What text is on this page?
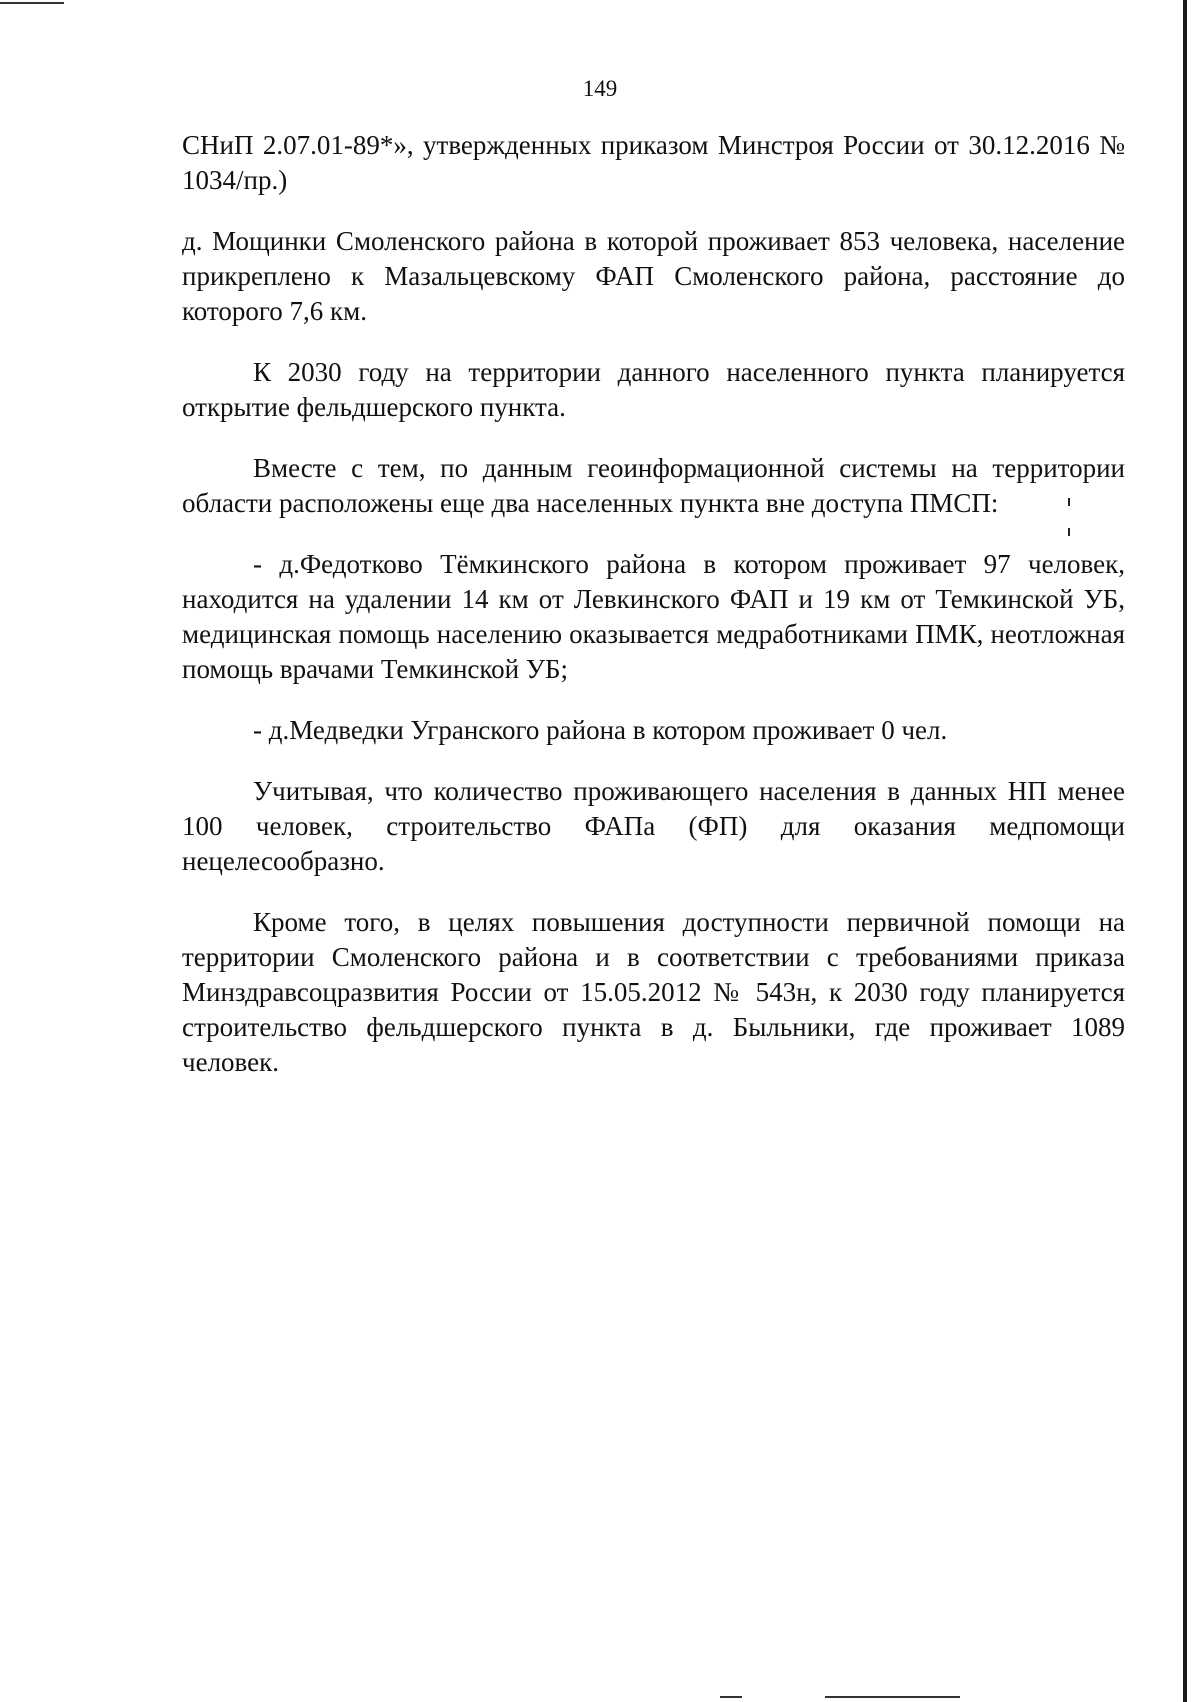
149

СНиП 2.07.01-89*», утвержденных приказом Минстроя России от 30.12.2016 № 1034/пр.)

д. Мощинки Смоленского района в которой проживает 853 человека, население прикреплено к Мазальцевскому ФАП Смоленского района, расстояние до которого 7,6 км.

К 2030 году на территории данного населенного пункта планируется открытие фельдшерского пункта.

Вместе с тем, по данным геоинформационной системы на территории области расположены еще два населенных пункта вне доступа ПМСП:

- д.Федотково Тёмкинского района в котором проживает 97 человек, находится на удалении 14 км от Левкинского ФАП и 19 км от Темкинской УБ, медицинская помощь населению оказывается медработниками ПМК, неотложная помощь врачами Темкинской УБ;

- д.Медведки Угранского района в котором проживает 0 чел.

Учитывая, что количество проживающего населения в данных НП менее 100 человек, строительство ФАПа (ФП) для оказания медпомощи нецелесообразно.

Кроме того, в целях повышения доступности первичной помощи на территории Смоленского района и в соответствии с требованиями приказа Минздравсоцразвития России от 15.05.2012 № 543н, к 2030 году планируется строительство фельдшерского пункта в д. Быльники, где проживает 1089 человек.
